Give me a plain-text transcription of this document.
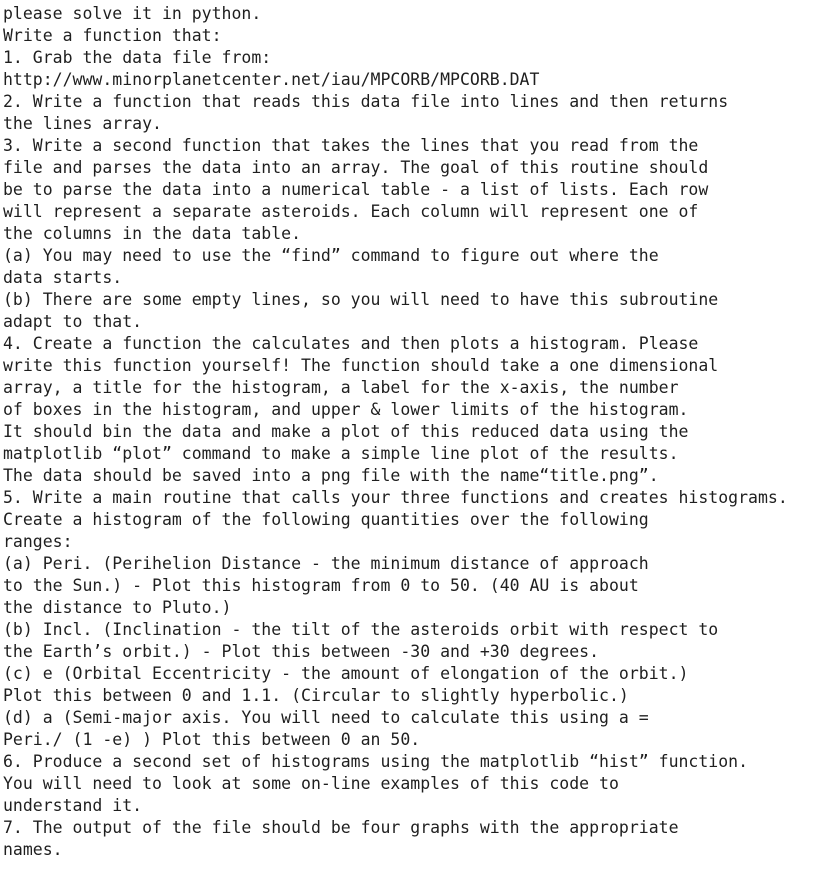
please solve it in python.
Write a function that:
1. Grab the data file from:
http://www.minorplanetcenter.net/iau/MPCORB/MPCORB.DAT
2. Write a function that reads this data file into lines and then returns
the lines array.
3. Write a second function that takes the lines that you read from the
file and parses the data into an array. The goal of this routine should
be to parse the data into a numerical table - a list of lists. Each row
will represent a separate asteroids. Each column will represent one of
the columns in the data table.
(a) You may need to use the “find” command to figure out where the
data starts.
(b) There are some empty lines, so you will need to have this subroutine
adapt to that.
4. Create a function the calculates and then plots a histogram. Please
write this function yourself! The function should take a one dimensional
array, a title for the histogram, a label for the x-axis, the number
of boxes in the histogram, and upper & lower limits of the histogram.
It should bin the data and make a plot of this reduced data using the
matplotlib “plot” command to make a simple line plot of the results.
The data should be saved into a png file with the name“title.png”.
5. Write a main routine that calls your three functions and creates histograms.
Create a histogram of the following quantities over the following
ranges:
(a) Peri. (Perihelion Distance - the minimum distance of approach
to the Sun.) - Plot this histogram from 0 to 50. (40 AU is about
the distance to Pluto.)
(b) Incl. (Inclination - the tilt of the asteroids orbit with respect to
the Earth’s orbit.) - Plot this between -30 and +30 degrees.
(c) e (Orbital Eccentricity - the amount of elongation of the orbit.)
Plot this between 0 and 1.1. (Circular to slightly hyperbolic.)
(d) a (Semi-major axis. You will need to calculate this using a =
Peri./ (1 -e) ) Plot this between 0 an 50.
6. Produce a second set of histograms using the matplotlib “hist” function.
You will need to look at some on-line examples of this code to
understand it.
7. The output of the file should be four graphs with the appropriate
names.
